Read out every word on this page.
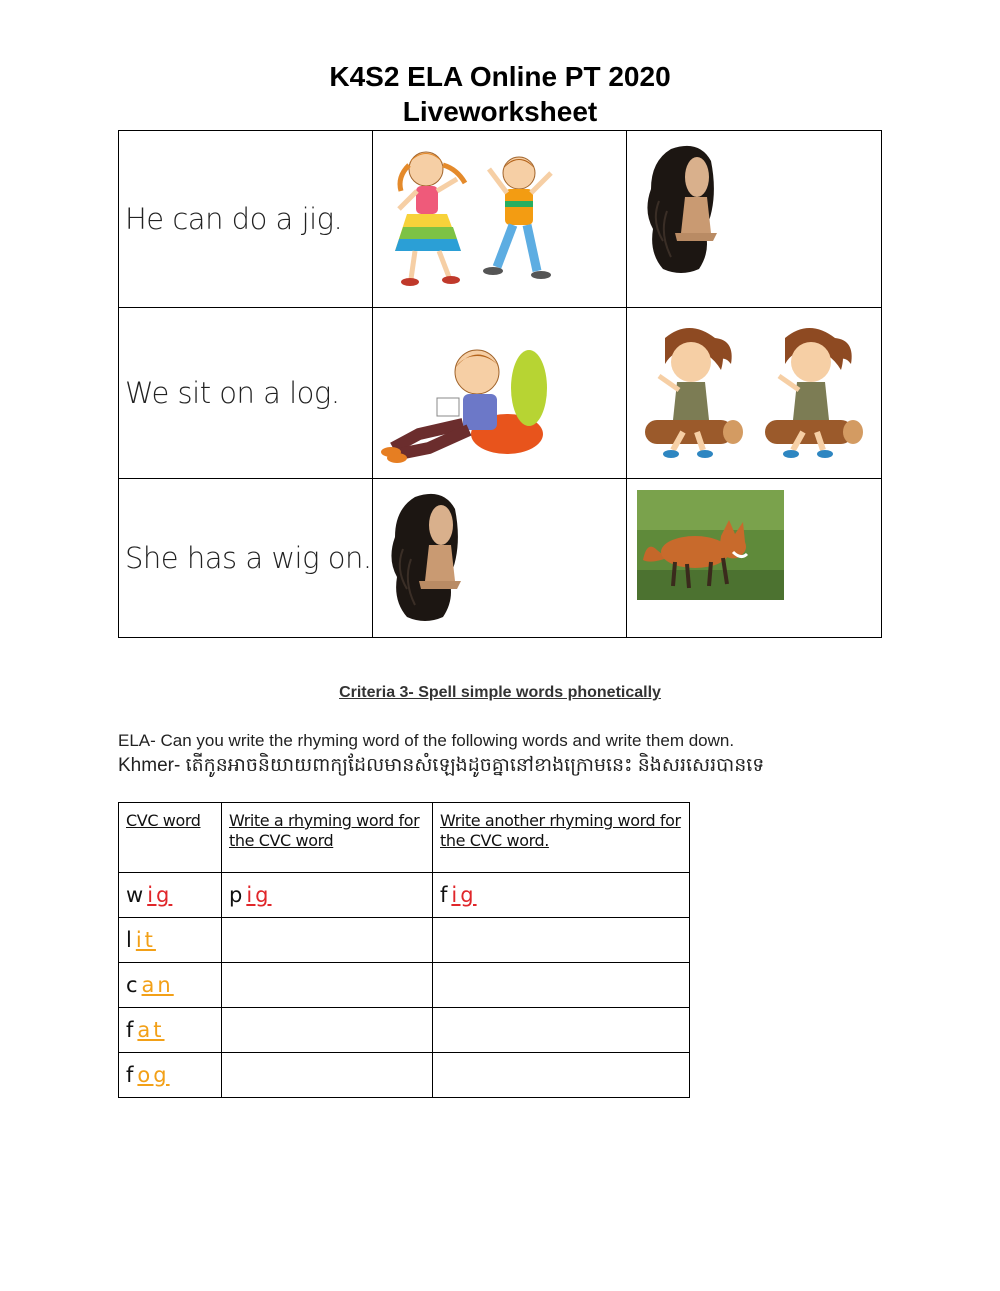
K4S2 ELA Online PT 2020
Liveworksheet
He can do a jig.

We sit on a log.

She has a wig on.

Criteria 3- Spell simple words phonetically
ELA- Can you write the rhyming word of the following words and write them down.
Khmer- តើកូនអាចនិយាយពាក្យដែលមានសំឡេងដូចគ្នានៅខាងក្រោមនេះ និងសរសេរបានទេ
CVC word	Write a rhyming word for the CVC word	Write another rhyming word for the CVC word.

w ig	p ig	f ig
l it		
c an		
f at		
f og		
